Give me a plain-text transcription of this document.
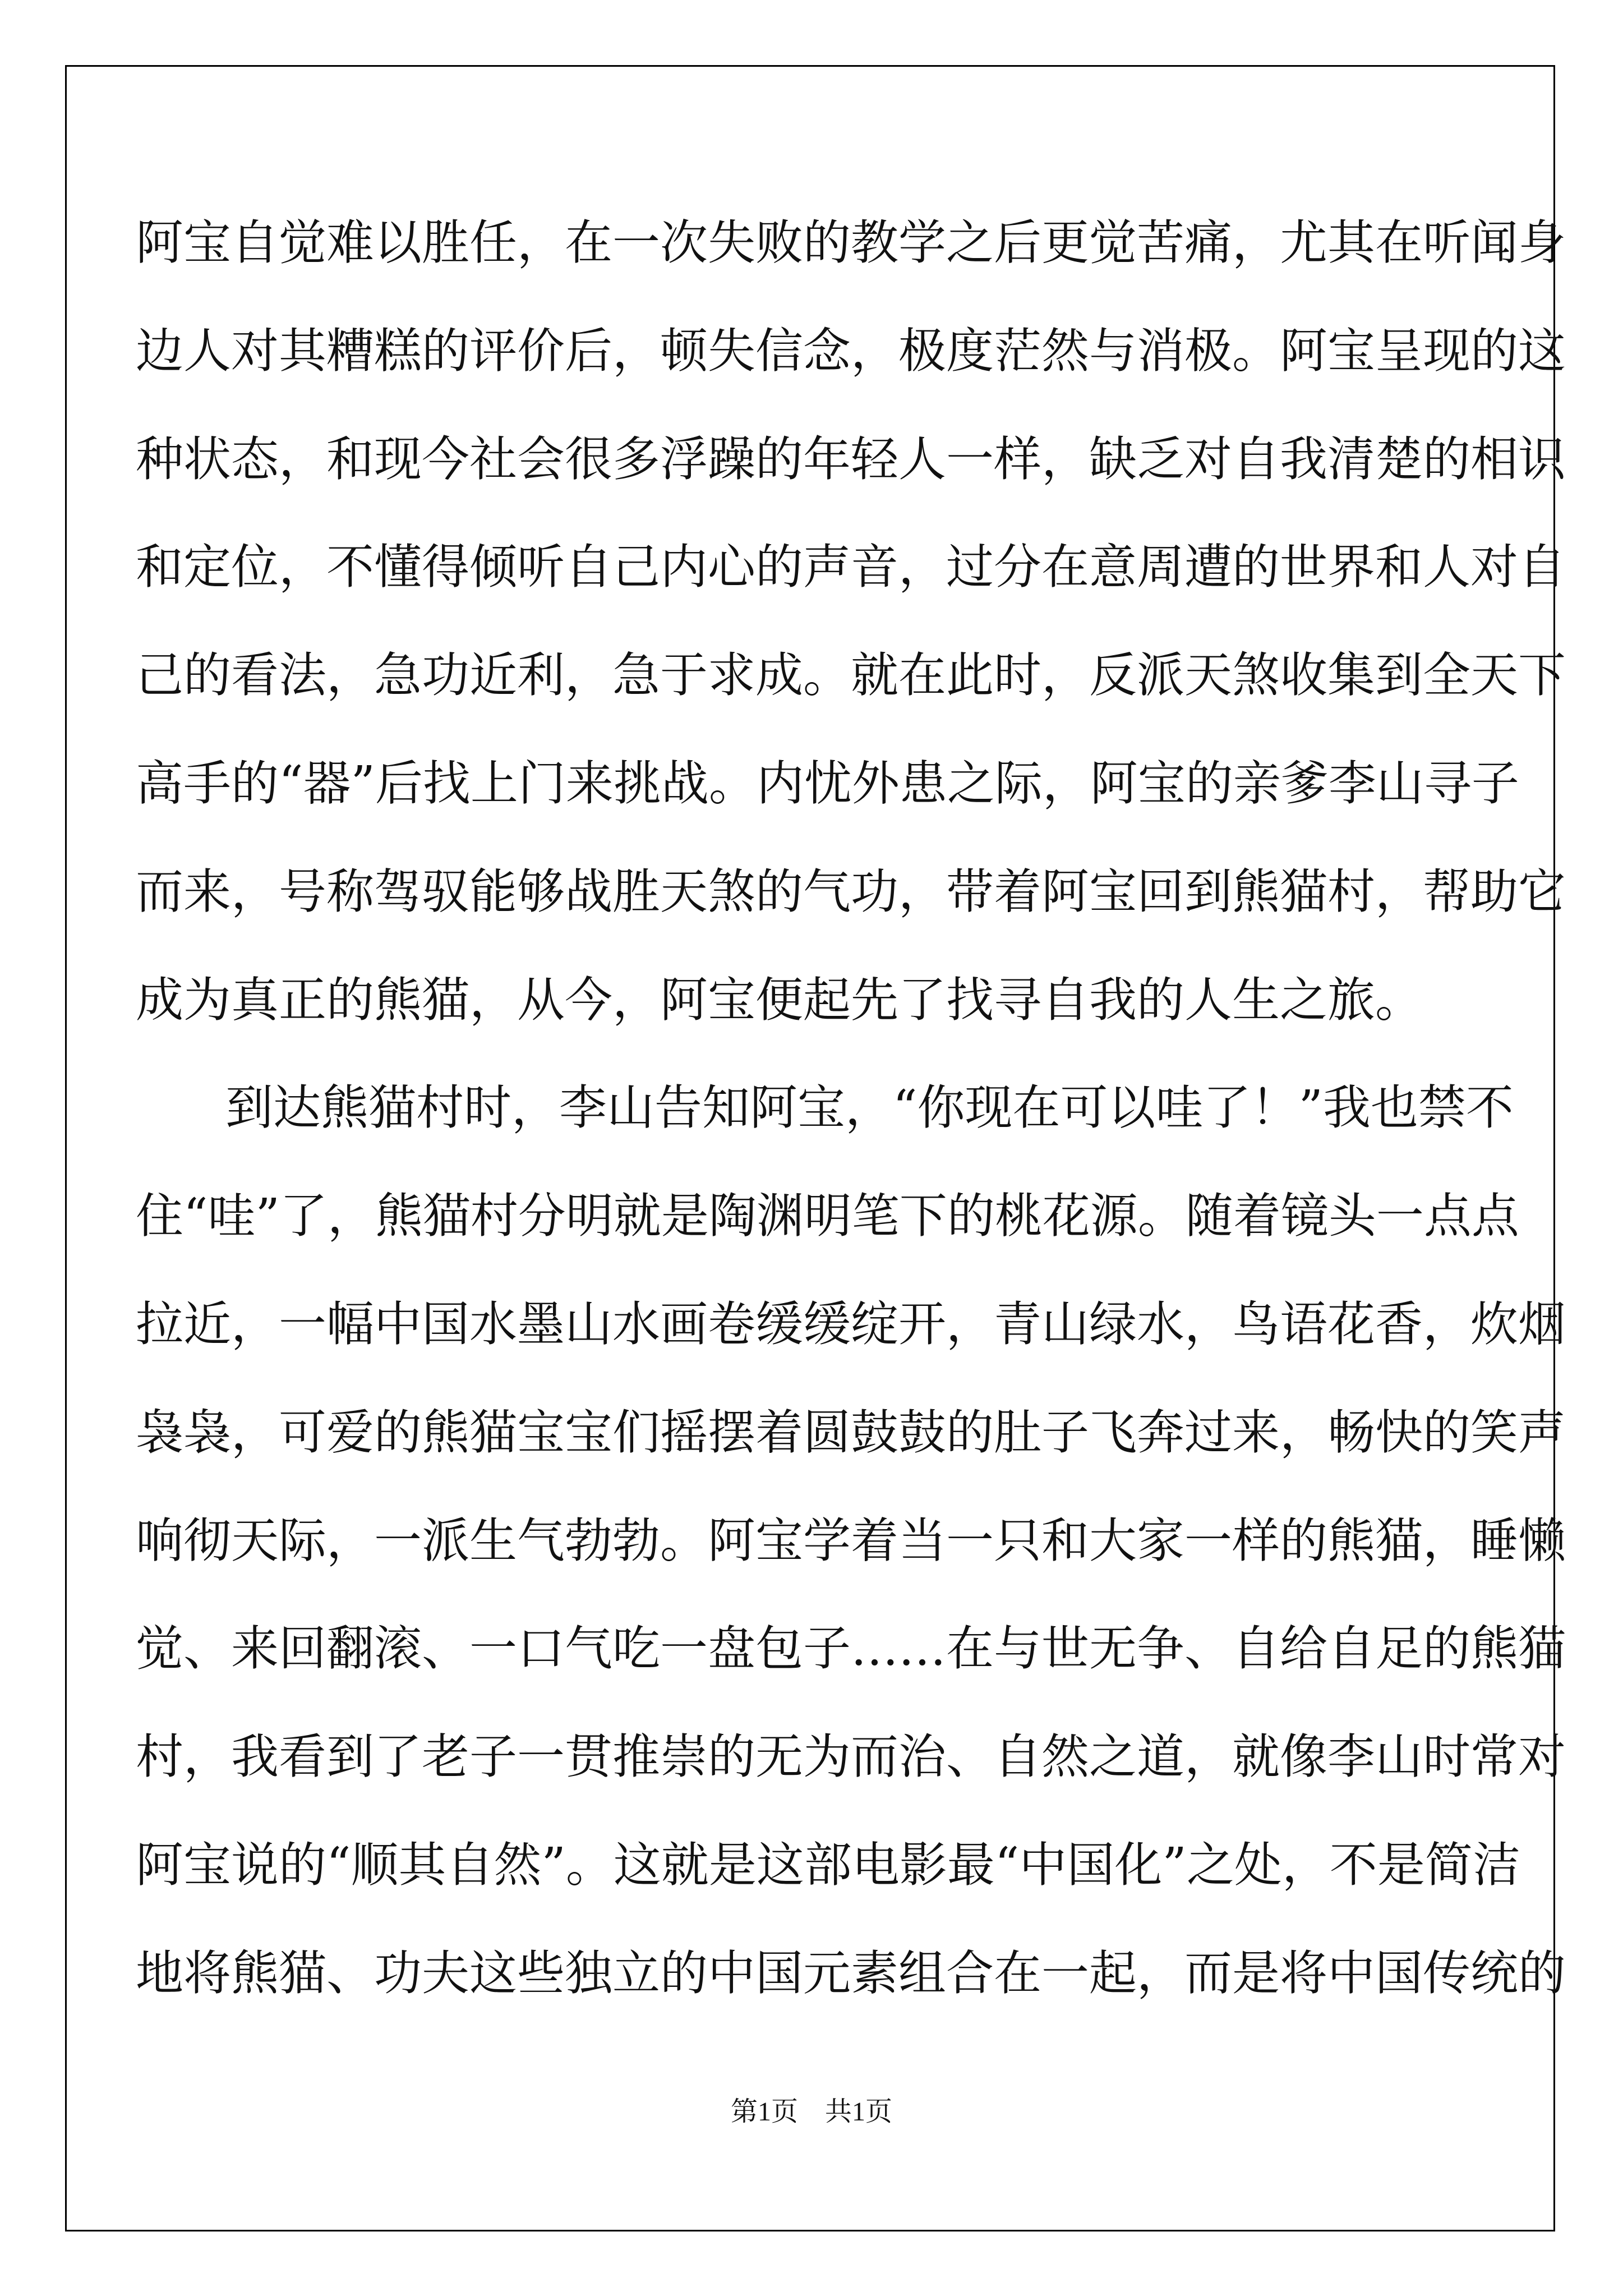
阿宝自觉难以胜任，在一次失败的教学之后更觉苦痛，尤其在听闻身
边人对其糟糕的评价后，顿失信念，极度茫然与消极。阿宝呈现的这
种状态，和现今社会很多浮躁的年轻人一样，缺乏对自我清楚的相识
和定位，不懂得倾听自己内心的声音，过分在意周遭的世界和人对自
己的看法，急功近利，急于求成。就在此时，反派天煞收集到全天下
高手的“器”后找上门来挑战。内忧外患之际，阿宝的亲爹李山寻子
而来，号称驾驭能够战胜天煞的气功，带着阿宝回到熊猫村，帮助它
成为真正的熊猫，从今，阿宝便起先了找寻自我的人生之旅。
到达熊猫村时，李山告知阿宝，“你现在可以哇了！”我也禁不
住“哇”了，熊猫村分明就是陶渊明笔下的桃花源。随着镜头一点点
拉近，一幅中国水墨山水画卷缓缓绽开，青山绿水，鸟语花香，炊烟
袅袅，可爱的熊猫宝宝们摇摆着圆鼓鼓的肚子飞奔过来，畅快的笑声
响彻天际，一派生气勃勃。阿宝学着当一只和大家一样的熊猫，睡懒
觉、来回翻滚、一口气吃一盘包子……在与世无争、自给自足的熊猫
村，我看到了老子一贯推崇的无为而治、自然之道，就像李山时常对
阿宝说的“顺其自然”。这就是这部电影最“中国化”之处，不是简洁
地将熊猫、功夫这些独立的中国元素组合在一起，而是将中国传统的
第1页　共1页
